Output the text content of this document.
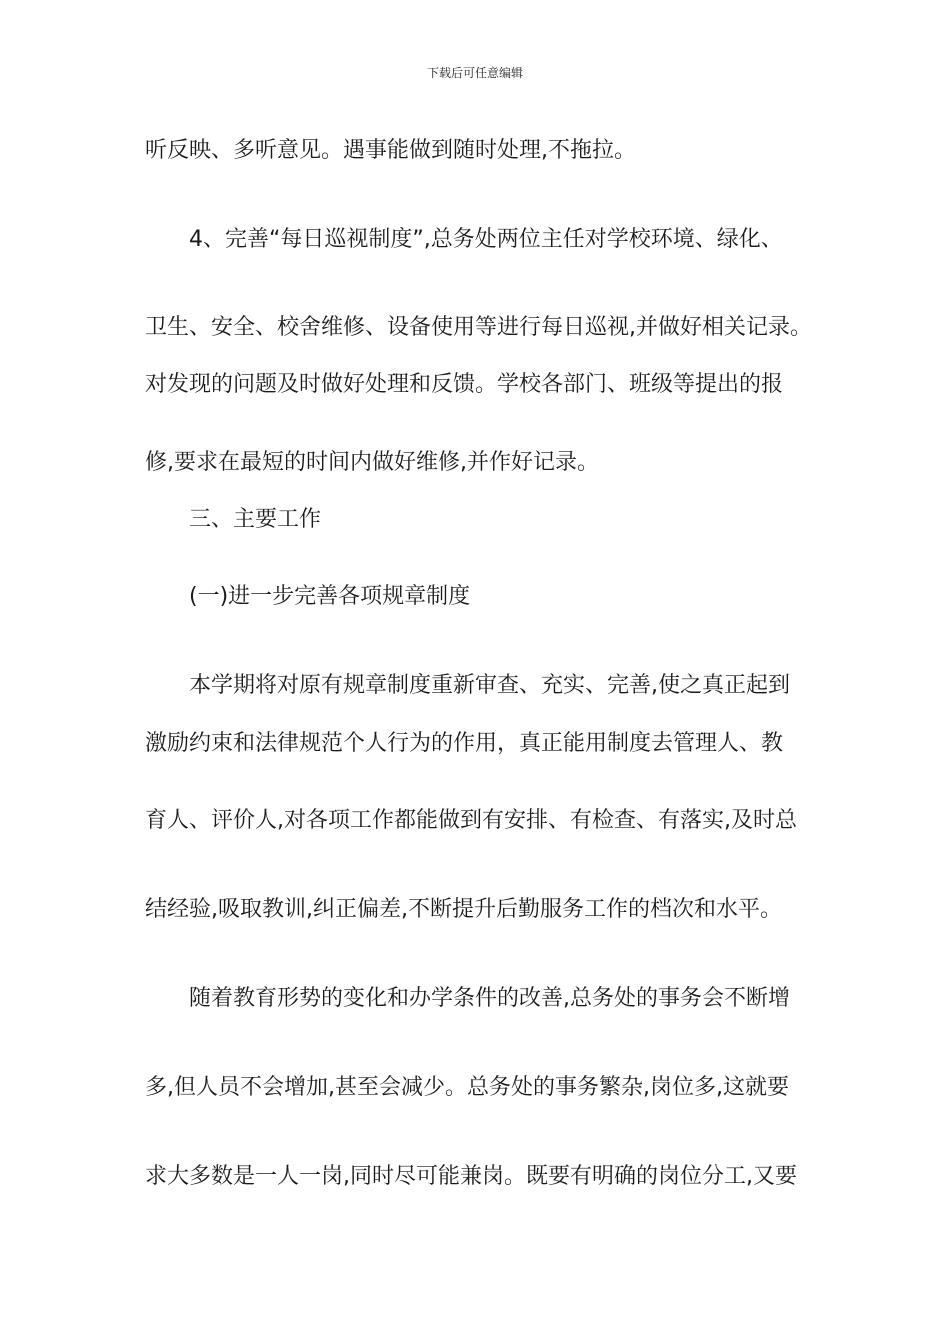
下载后可任意编辑
听反映、多听意见。遇事能做到随时处理,不拖拉。
4、完善“每日巡视制度”,总务处两位主任对学校环境、绿化、
卫生、安全、校舍维修、设备使用等进行每日巡视,并做好相关记录。
对发现的问题及时做好处理和反馈。学校各部门、班级等提出的报
修,要求在最短的时间内做好维修,并作好记录。
三、主要工作
(一)进一步完善各项规章制度
本学期将对原有规章制度重新审查、充实、完善,使之真正起到
激励约束和法律规范个人行为的作用，真正能用制度去管理人、教
育人、评价人,对各项工作都能做到有安排、有检查、有落实,及时总
结经验,吸取教训,纠正偏差,不断提升后勤服务工作的档次和水平。
随着教育形势的变化和办学条件的改善,总务处的事务会不断增
多,但人员不会增加,甚至会减少。总务处的事务繁杂,岗位多,这就要
求大多数是一人一岗,同时尽可能兼岗。既要有明确的岗位分工,又要
